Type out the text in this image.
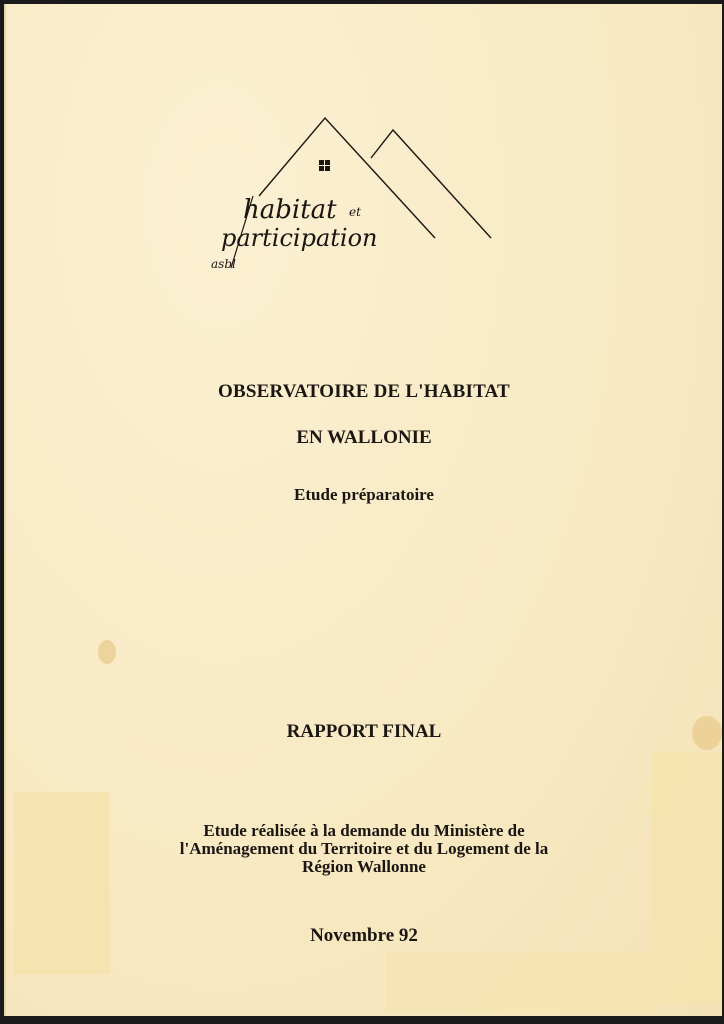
habitat et
participation
asbl
OBSERVATOIRE DE L'HABITAT
EN WALLONIE
Etude préparatoire
RAPPORT FINAL
Etude réalisée à la demande du Ministère de
l'Aménagement du Territoire et du Logement de la
Région Wallonne
Novembre 92
